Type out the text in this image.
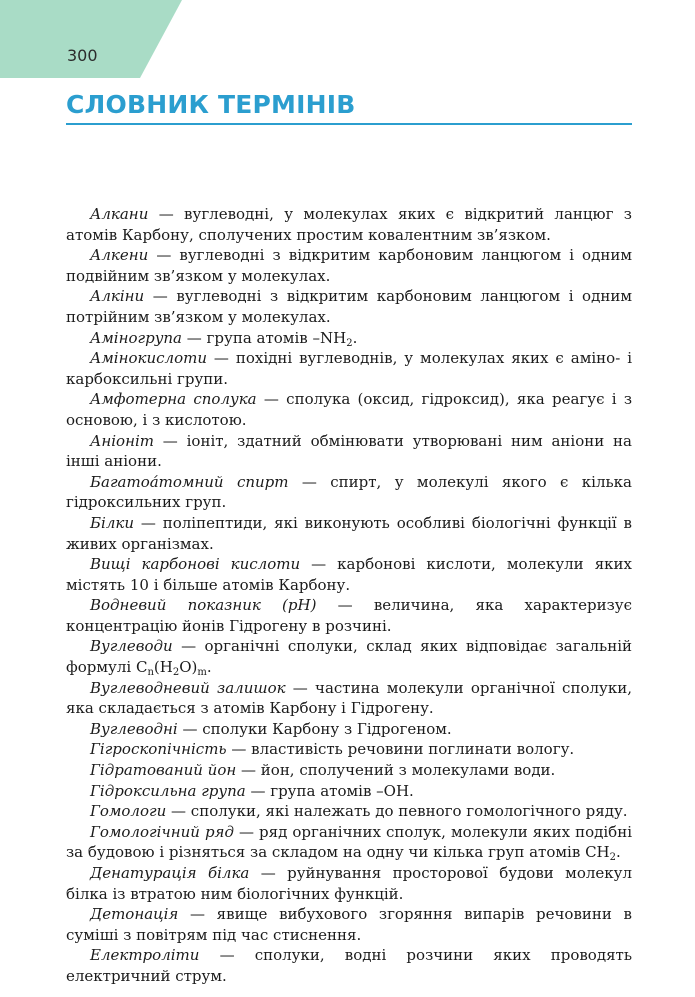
300
СЛОВНИК ТЕРМІНІВ

Алкани — вуглеводні, у молекулах яких є відкритий ланцюг з атомів Карбону, сполучених простим ковалентним зв’язком.

Алкени — вуглеводні з відкритим карбоновим ланцюгом і одним подвійним зв’язком у молекулах.

Алкіни — вуглеводні з відкритим карбоновим ланцюгом і одним потрійним зв’язком у молекулах.

Аміногрупа — група атомів $-NH_2$.

Амінокислоти — похідні вуглеводнів, у молекулах яких є аміно- і карбоксильні групи.

Амфотерна сполука — сполука (оксид, гідроксид), яка реагує і з основою, і з кислотою.

Аніоніт — іоніт, здатний обмінювати утворювані ним аніони на інші аніони.

Багатоа́томний спирт — спирт, у молекулі якого є кілька гідроксильних груп.

Білки — поліпептиди, які виконують особливі біологічні функції в живих організмах.

Вищі карбонові кислоти — карбонові кислоти, молекули яких містять 10 і більше атомів Карбону.

Водневий показник (pH) — величина, яка характеризує концентрацію йонів Гідрогену в розчині.

Вуглеводи — органічні сполуки, склад яких відповідає загальній формулі $C_n(H_2O)_m$.

Вуглеводневий залишок — частина молекули органічної сполуки, яка складається з атомів Карбону і Гідрогену.

Вуглеводні — сполуки Карбону з Гідрогеном.

Гігроскопічність — властивість речовини поглинати вологу.

Гідратований йон — йон, сполучений з молекулами води.

Гідроксильна група — група атомів –OH.

Гомологи — сполуки, які належать до певного гомологічного ряду.

Гомологічний ряд — ряд органічних сполук, молекули яких подібні за будовою і різняться за складом на одну чи кілька груп атомів $CH_2$.

Денатурація білка — руйнування просторової будови молекул білка із втратою ним біологічних функцій.

Детонація — явище вибухового згоряння випарів речовини в суміші з повітрям під час стиснення.

Електроліти — сполуки, водні розчини яких проводять електричний струм.
